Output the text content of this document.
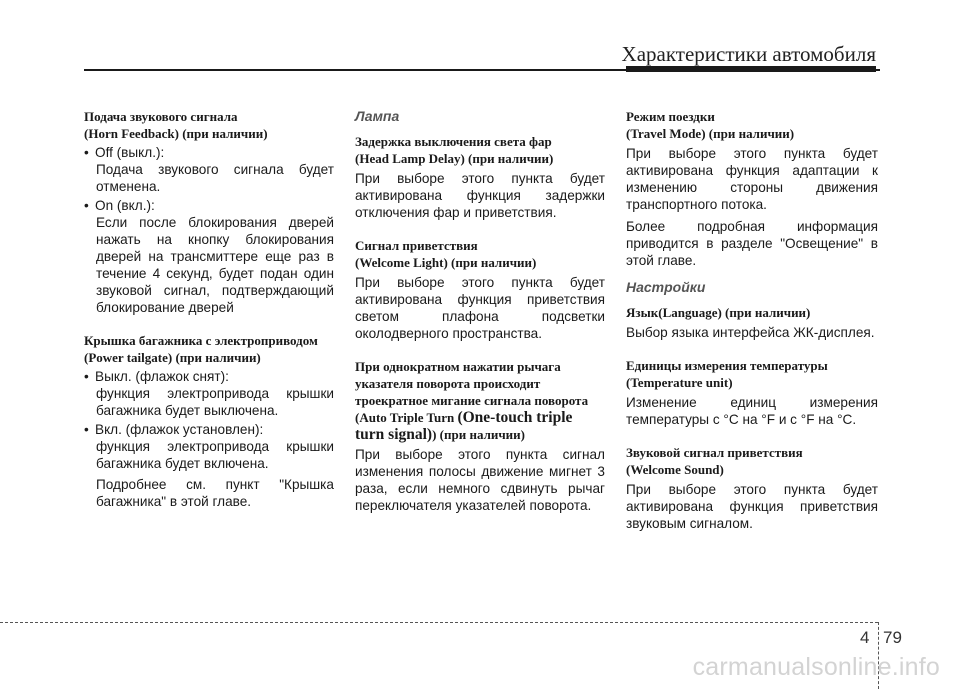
Характеристики автомобиля

Подача звукового сигнала
(Horn Feedback) (при наличии)

• Off (выкл.):

Подача звукового сигнала будет отменена.

• On (вкл.):

Если после блокирования дверей нажать на кнопку блокирования дверей на трансмиттере еще раз в течение 4 секунд, будет подан один звуковой сигнал, подтверждающий блокирование дверей

Крышка багажника с электроприводом
(Power tailgate) (при наличии)

• Выкл. (флажок снят):

функция электропривода крышки багажника будет выключена.

• Вкл. (флажок установлен):

функция электропривода крышки багажника будет включена.

Подробнее см. пункт "Крышка багажника" в этой главе.

Лампа

Задержка выключения света фар
(Head Lamp Delay) (при наличии)

При выборе этого пункта будет активирована функция задержки отключения фар и приветствия.

Сигнал приветствия
(Welcome Light) (при наличии)

При выборе этого пункта будет активирована функция приветствия светом плафона подсветки околодверного пространства.

При однократном нажатии рычага
указателя поворота происходит
троекратное мигание сигнала поворота
(Auto Triple Turn (One-touch triple
turn signal)) (при наличии)

При выборе этого пункта сигнал изменения полосы движение мигнет 3 раза, если немного сдвинуть рычаг переключателя указателей поворота.

Режим поездки
(Travel Mode) (при наличии)

При выборе этого пункта будет активирована функция адаптации к изменению стороны движения транспортного потока.

Более подробная информация приводится в разделе "Освещение" в этой главе.

Настройки

Язык(Language) (при наличии)

Выбор языка интерфейса ЖК-дисплея.

Единицы измерения температуры
(Temperature unit)

Изменение единиц измерения температуры с °C на °F и с °F на °C.

Звуковой сигнал приветствия
(Welcome Sound)

При выборе этого пункта будет активирована функция приветствия звуковым сигналом.

4 79
carmanualsonline.info
